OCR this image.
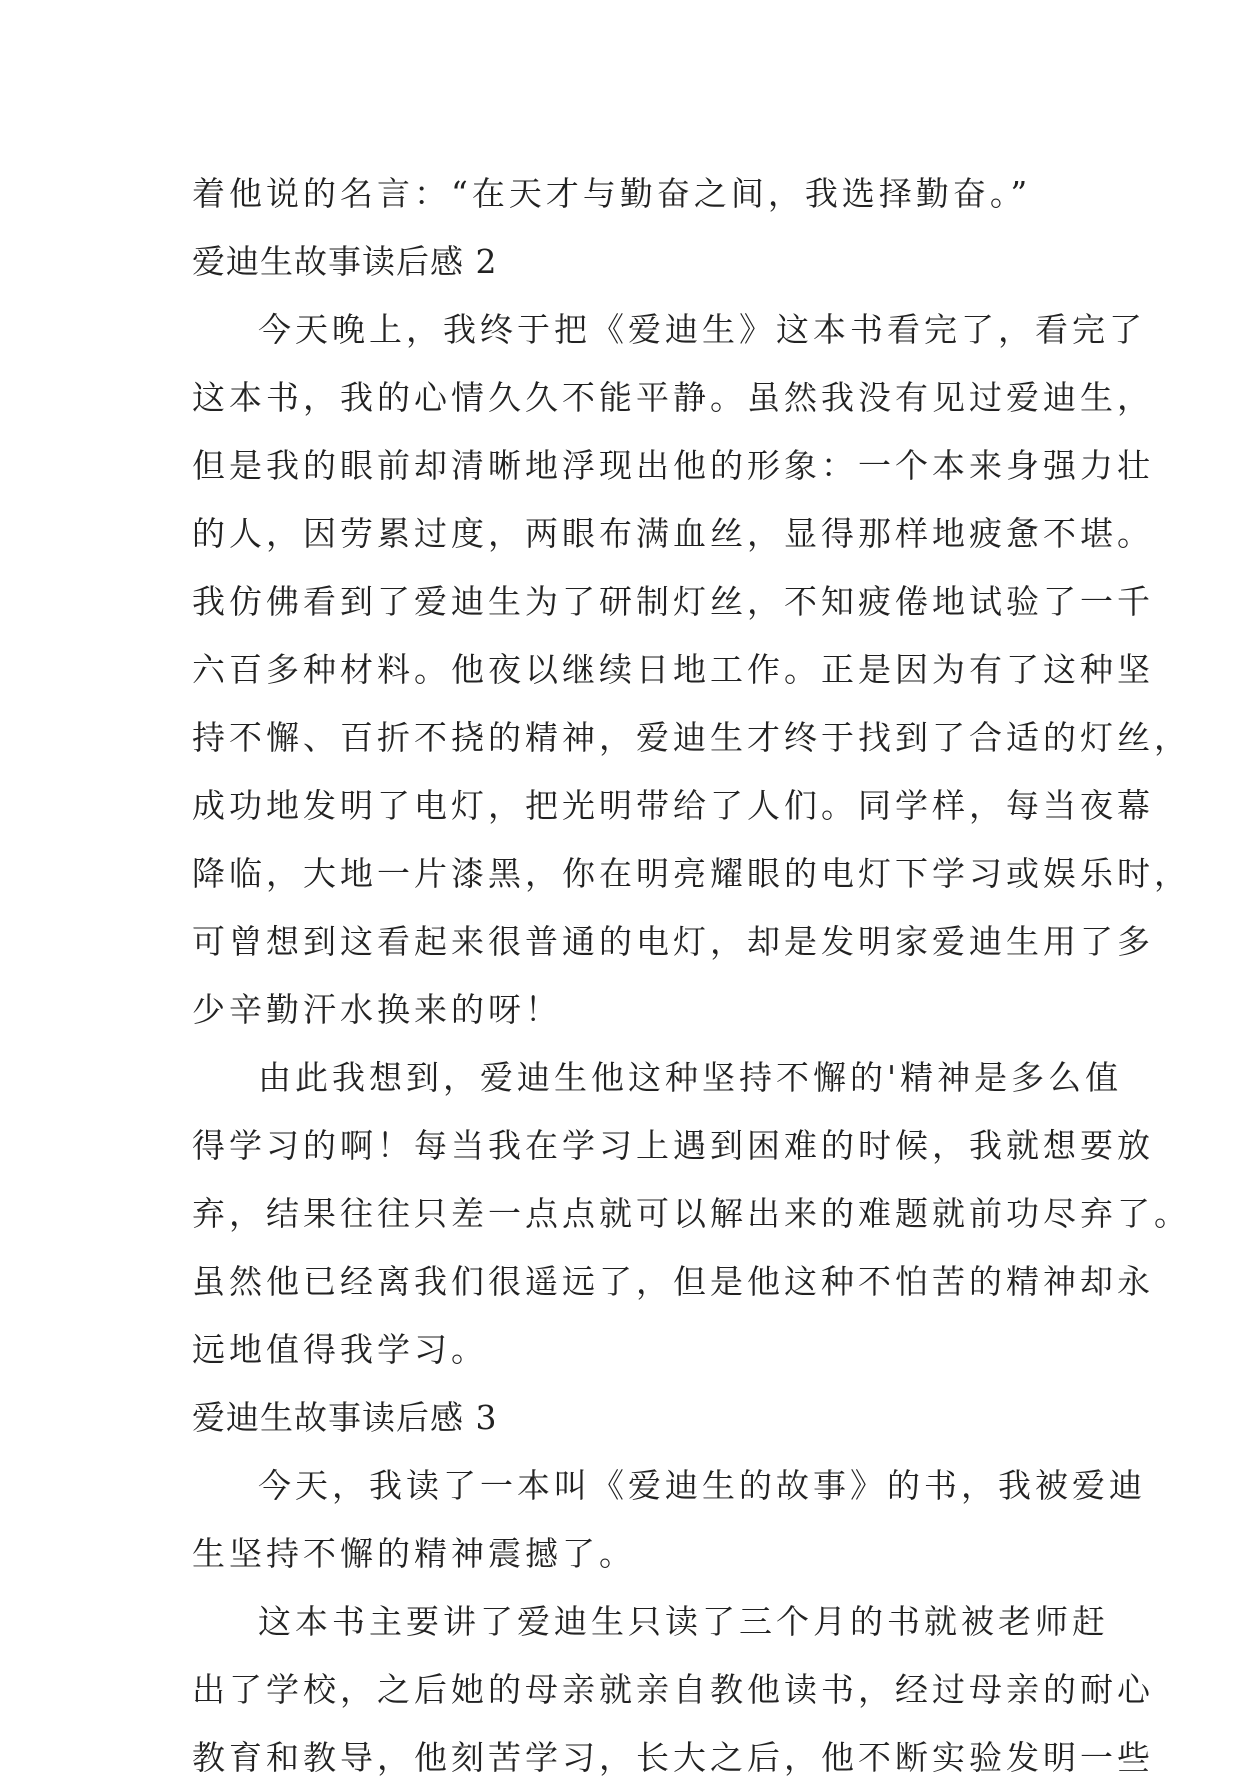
着他说的名言：“在天才与勤奋之间，我选择勤奋。”
爱迪生故事读后感 2
今天晚上，我终于把《爱迪生》这本书看完了，看完了
这本书，我的心情久久不能平静。虽然我没有见过爱迪生，
但是我的眼前却清晰地浮现出他的形象：一个本来身强力壮
的人，因劳累过度，两眼布满血丝，显得那样地疲惫不堪。
我仿佛看到了爱迪生为了研制灯丝，不知疲倦地试验了一千
六百多种材料。他夜以继续日地工作。正是因为有了这种坚
持不懈、百折不挠的精神，爱迪生才终于找到了合适的灯丝，
成功地发明了电灯，把光明带给了人们。同学样，每当夜幕
降临，大地一片漆黑，你在明亮耀眼的电灯下学习或娱乐时，
可曾想到这看起来很普通的电灯，却是发明家爱迪生用了多
少辛勤汗水换来的呀！
由此我想到，爱迪生他这种坚持不懈的'精神是多么值
得学习的啊！每当我在学习上遇到困难的时候，我就想要放
弃，结果往往只差一点点就可以解出来的难题就前功尽弃了。
虽然他已经离我们很遥远了，但是他这种不怕苦的精神却永
远地值得我学习。
爱迪生故事读后感 3
今天，我读了一本叫《爱迪生的故事》的书，我被爱迪
生坚持不懈的精神震撼了。
这本书主要讲了爱迪生只读了三个月的书就被老师赶
出了学校，之后她的母亲就亲自教他读书，经过母亲的耐心
教育和教导，他刻苦学习，长大之后，他不断实验发明一些
